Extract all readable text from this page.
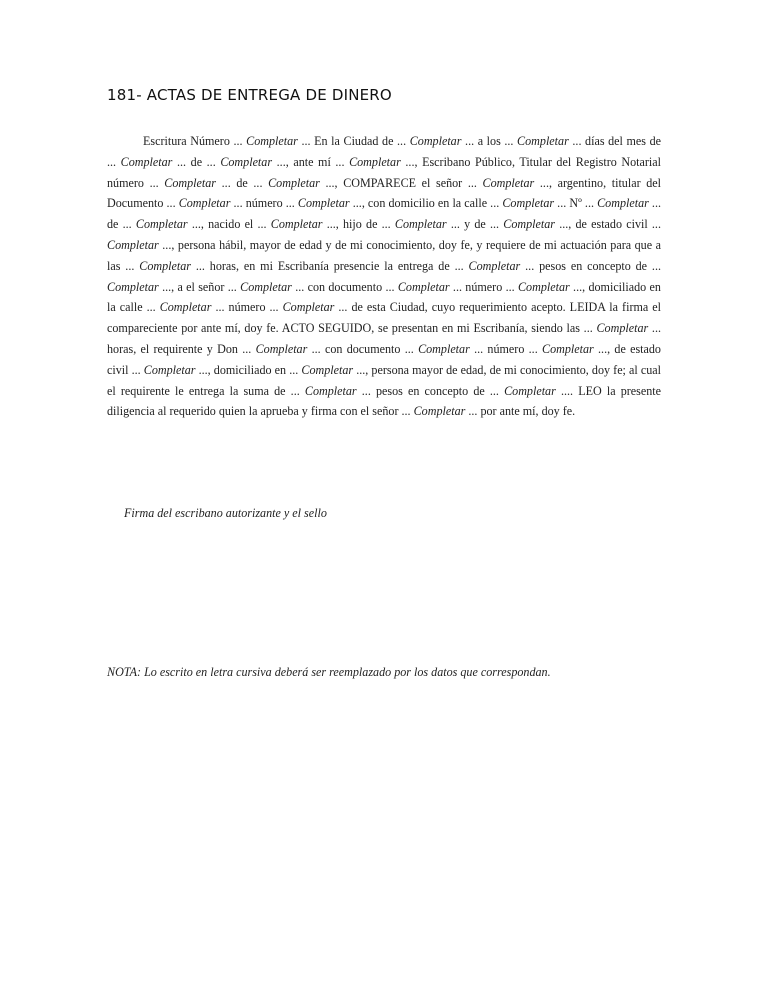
181- ACTAS DE ENTREGA DE DINERO

Escritura Número ... Completar ... En la Ciudad de ... Completar ... a los ... Completar ... días del mes de ... Completar ... de ... Completar ..., ante mí ... Completar ..., Escribano Público, Titular del Registro Notarial número ... Completar ... de ... Completar ..., COMPARECE el señor ... Completar ..., argentino, titular del Documento ... Completar ... número ... Completar ..., con domicilio en la calle ... Completar ... Nº ... Completar ... de ... Completar ..., nacido el ... Completar ..., hijo de ... Completar ... y de ... Completar ..., de estado civil ... Completar ..., persona hábil, mayor de edad y de mi conocimiento, doy fe, y requiere de mi actuación para que a las ... Completar ... horas, en mi Escribanía presencie la entrega de ... Completar ... pesos en concepto de ... Completar ..., a el señor ... Completar ... con documento ... Completar ... número ... Completar ..., domiciliado en la calle ... Completar ... número ... Completar ... de esta Ciudad, cuyo requerimiento acepto. LEIDA la firma el compareciente por ante mí, doy fe. ACTO SEGUIDO, se presentan en mi Escribanía, siendo las ... Completar ... horas, el requirente y Don ... Completar ... con documento ... Completar ... número ... Completar ..., de estado civil ... Completar ..., domiciliado en ... Completar ..., persona mayor de edad, de mi conocimiento, doy fe; al cual el requirente le entrega la suma de ... Completar ... pesos en concepto de ... Completar .... LEO la presente diligencia al requerido quien la aprueba y firma con el señor ... Completar ... por ante mí, doy fe.

Firma del escribano autorizante y el sello

NOTA: Lo escrito en letra cursiva deberá ser reemplazado por los datos que correspondan.
